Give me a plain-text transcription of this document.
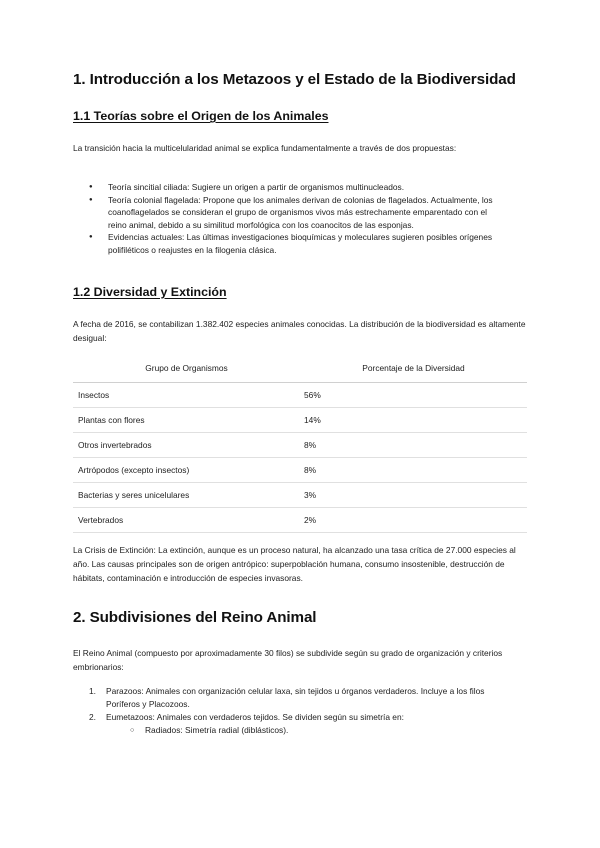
1. Introducción a los Metazoos y el Estado de la Biodiversidad
1.1 Teorías sobre el Origen de los Animales

La transición hacia la multicelularidad animal se explica fundamentalmente a través de dos propuestas:

● Teoría sincitial ciliada: Sugiere un origen a partir de organismos multinucleados.
● Teoría colonial flagelada: Propone que los animales derivan de colonias de flagelados. Actualmente, los coanoflagelados se consideran el grupo de organismos vivos más estrechamente emparentado con el reino animal, debido a su similitud morfológica con los coanocitos de las esponjas.
● Evidencias actuales: Las últimas investigaciones bioquímicas y moleculares sugieren posibles orígenes polifiléticos o reajustes en la filogenia clásica.
1.2 Diversidad y Extinción

A fecha de 2016, se contabilizan 1.382.402 especies animales conocidas. La distribución de la biodiversidad es altamente desigual:

Grupo de Organismos	Porcentaje de la Diversidad
Insectos	56%
Plantas con flores	14%
Otros invertebrados	8%
Artrópodos (excepto insectos)	8%
Bacterias y seres unicelulares	3%
Vertebrados	2%

La Crisis de Extinción: La extinción, aunque es un proceso natural, ha alcanzado una tasa crítica de 27.000 especies al año. Las causas principales son de origen antrópico: superpoblación humana, consumo insostenible, destrucción de hábitats, contaminación e introducción de especies invasoras.

2. Subdivisiones del Reino Animal

El Reino Animal (compuesto por aproximadamente 30 filos) se subdivide según su grado de organización y criterios embrionarios:

1. Parazoos: Animales con organización celular laxa, sin tejidos u órganos verdaderos. Incluye a los filos Poríferos y Placozoos.
2. Eumetazoos: Animales con verdaderos tejidos. Se dividen según su simetría en:
○ Radiados: Simetría radial (diblásticos).
